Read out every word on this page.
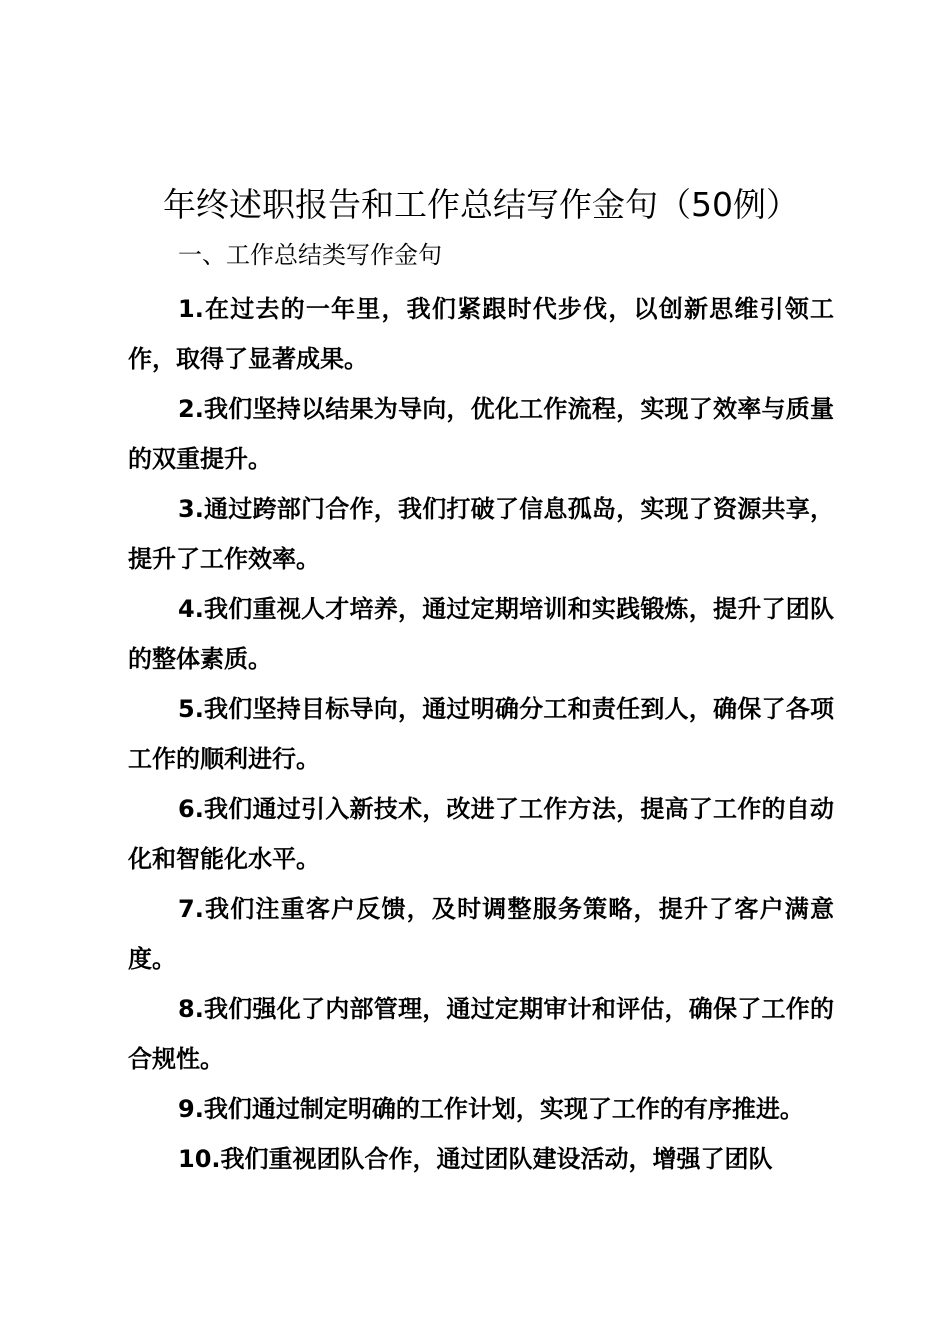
年终述职报告和工作总结写作金句（50例）
一、工作总结类写作金句
1.在过去的一年里，我们紧跟时代步伐，以创新思维引领工作，取得了显著成果。
2.我们坚持以结果为导向，优化工作流程，实现了效率与质量的双重提升。
3.通过跨部门合作，我们打破了信息孤岛，实现了资源共享，提升了工作效率。
4.我们重视人才培养，通过定期培训和实践锻炼，提升了团队的整体素质。
5.我们坚持目标导向，通过明确分工和责任到人，确保了各项工作的顺利进行。
6.我们通过引入新技术，改进了工作方法，提高了工作的自动化和智能化水平。
7.我们注重客户反馈，及时调整服务策略，提升了客户满意度。
8.我们强化了内部管理，通过定期审计和评估，确保了工作的合规性。
9.我们通过制定明确的工作计划，实现了工作的有序推进。
10.我们重视团队合作，通过团队建设活动，增强了团队
